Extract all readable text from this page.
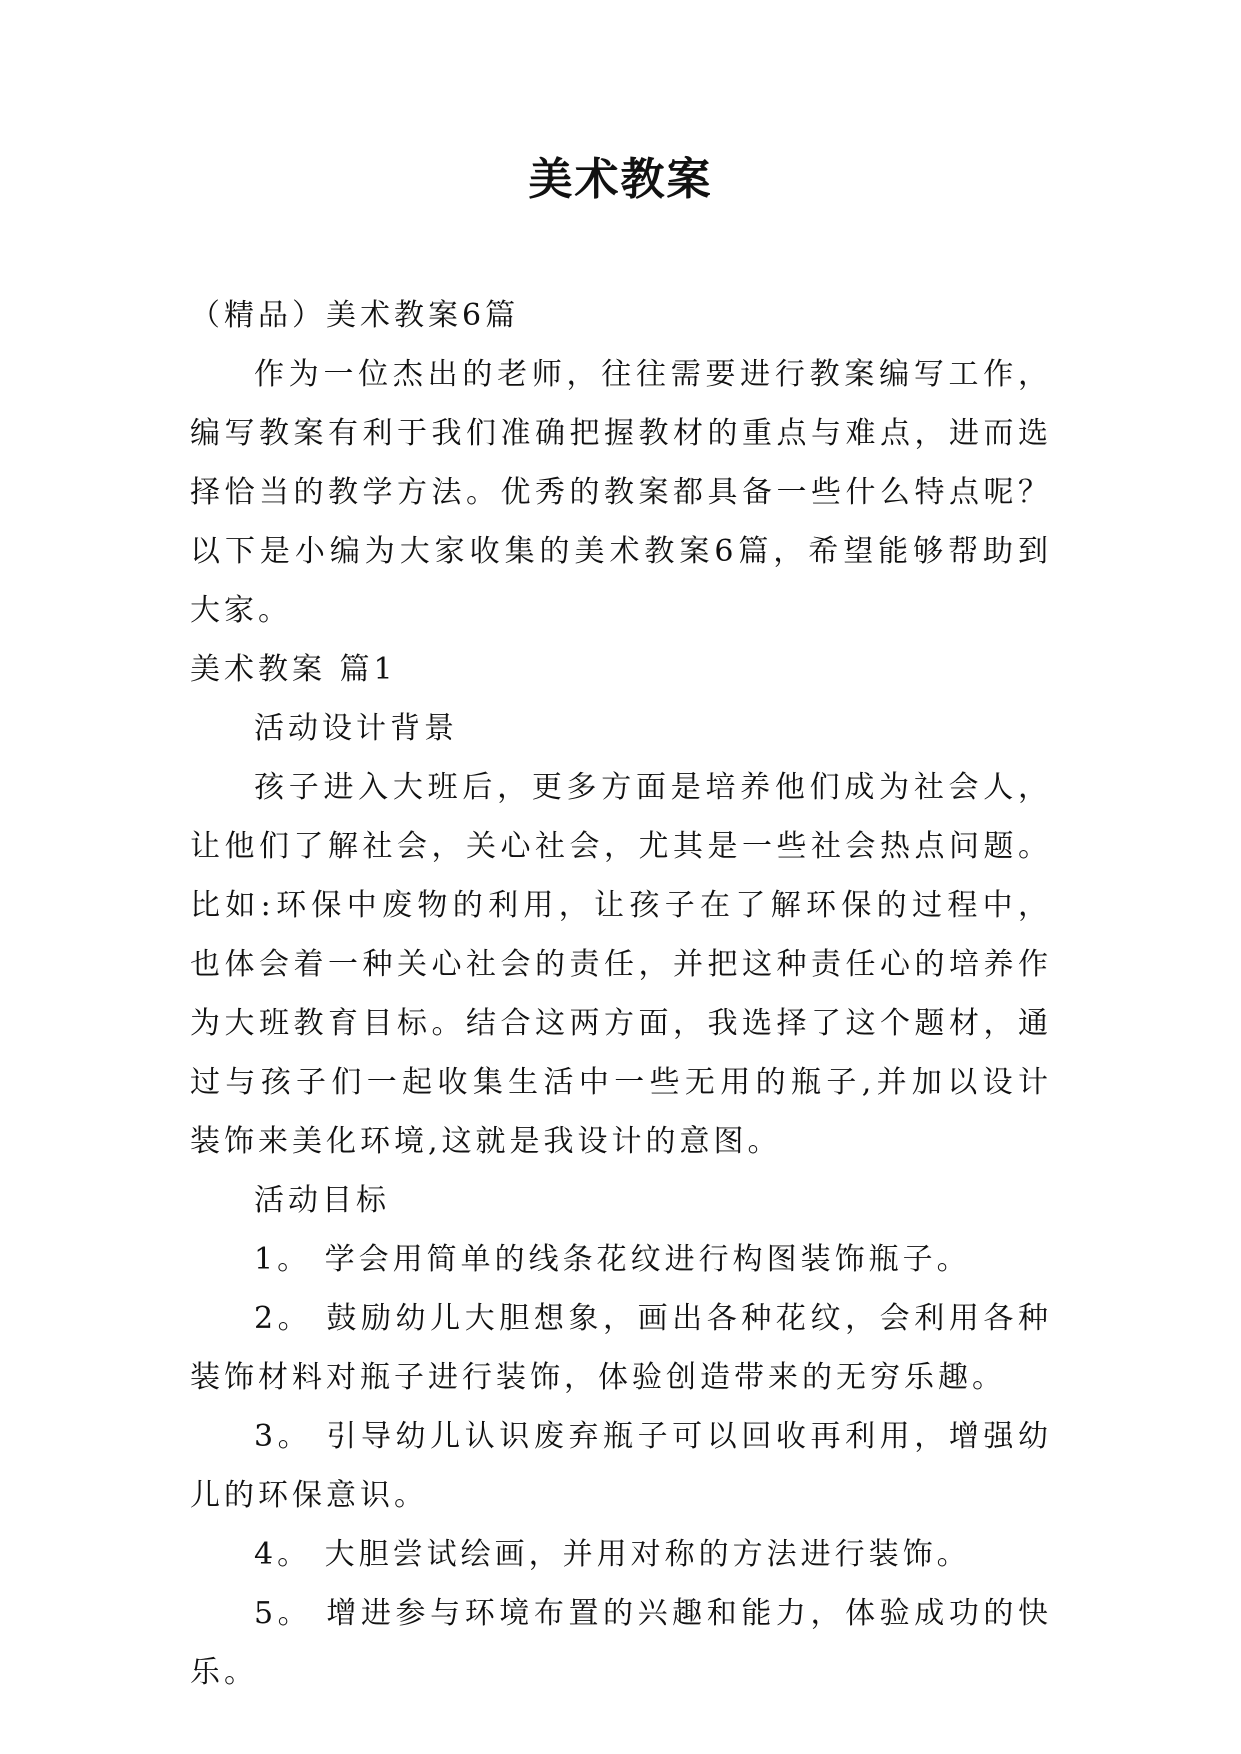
美术教案

（精品）美术教案6篇

作为一位杰出的老师，往往需要进行教案编写工作，编写教案有利于我们准确把握教材的重点与难点，进而选择恰当的教学方法。优秀的教案都具备一些什么特点呢？以下是小编为大家收集的美术教案6篇，希望能够帮助到大家。

美术教案 篇1

活动设计背景

孩子进入大班后，更多方面是培养他们成为社会人，让他们了解社会，关心社会，尤其是一些社会热点问题。比如:环保中废物的利用，让孩子在了解环保的过程中，也体会着一种关心社会的责任，并把这种责任心的培养作为大班教育目标。结合这两方面，我选择了这个题材，通过与孩子们一起收集生活中一些无用的瓶子,并加以设计装饰来美化环境,这就是我设计的意图。

活动目标

1。 学会用简单的线条花纹进行构图装饰瓶子。

2。 鼓励幼儿大胆想象，画出各种花纹，会利用各种装饰材料对瓶子进行装饰，体验创造带来的无穷乐趣。

3。 引导幼儿认识废弃瓶子可以回收再利用，增强幼儿的环保意识。

4。 大胆尝试绘画，并用对称的方法进行装饰。

5。 增进参与环境布置的兴趣和能力，体验成功的快乐。
